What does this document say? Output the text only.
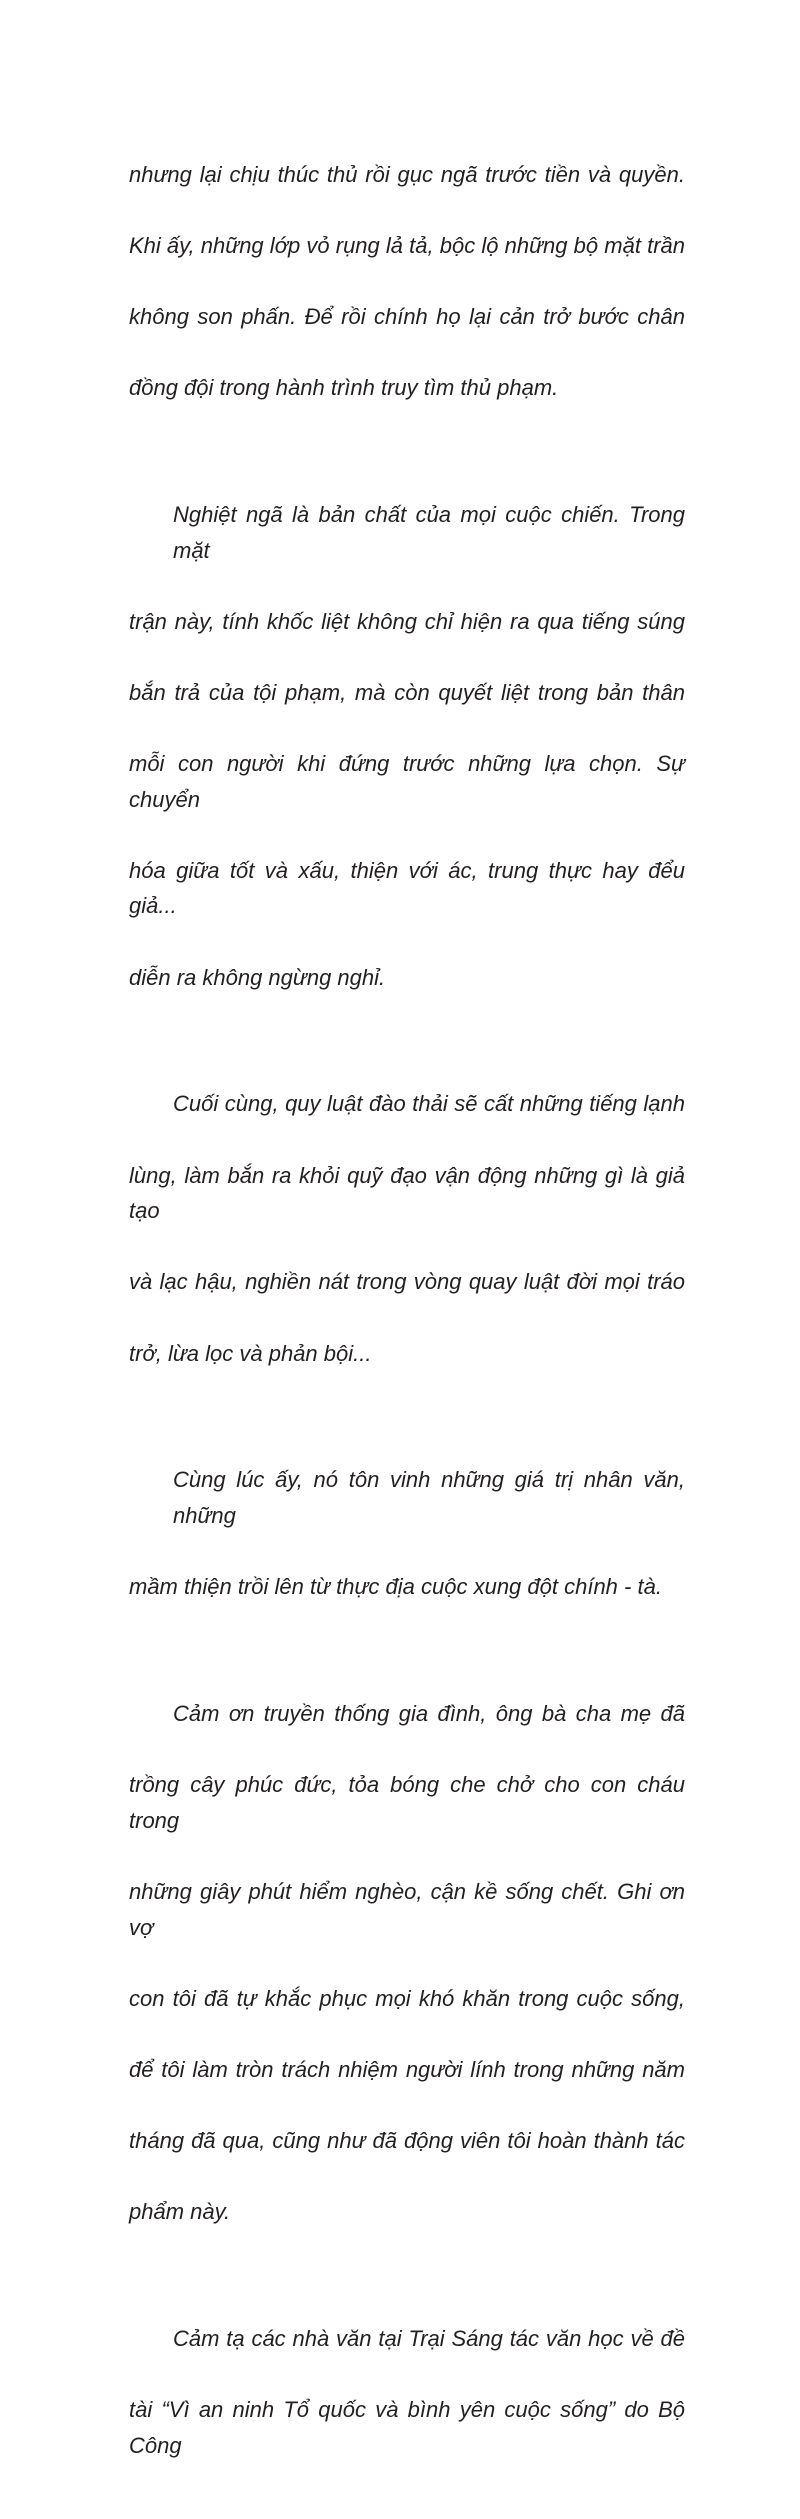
nhưng lại chịu thúc thủ rồi gục ngã trước tiền và quyền.

Khi ấy, những lớp vỏ rụng lả tả, bộc lộ những bộ mặt trần

không son phấn. Để rồi chính họ lại cản trở bước chân

đồng đội trong hành trình truy tìm thủ phạm.

Nghiệt ngã là bản chất của mọi cuộc chiến. Trong mặt

trận này, tính khốc liệt không chỉ hiện ra qua tiếng súng

bắn trả của tội phạm, mà còn quyết liệt trong bản thân

mỗi con người khi đứng trước những lựa chọn. Sự chuyển

hóa giữa tốt và xấu, thiện với ác, trung thực hay đểu giả...

diễn ra không ngừng nghỉ.

Cuối cùng, quy luật đào thải sẽ cất những tiếng lạnh

lùng, làm bắn ra khỏi quỹ đạo vận động những gì là giả tạo

và lạc hậu, nghiền nát trong vòng quay luật đời mọi tráo

trở, lừa lọc và phản bội...

Cùng lúc ấy, nó tôn vinh những giá trị nhân văn, những

mầm thiện trồi lên từ thực địa cuộc xung đột chính - tà.

Cảm ơn truyền thống gia đình, ông bà cha mẹ đã

trồng cây phúc đức, tỏa bóng che chở cho con cháu trong

những giây phút hiểm nghèo, cận kề sống chết. Ghi ơn vợ

con tôi đã tự khắc phục mọi khó khăn trong cuộc sống,

để tôi làm tròn trách nhiệm người lính trong những năm

tháng đã qua, cũng như đã động viên tôi hoàn thành tác

phẩm này.

Cảm tạ các nhà văn tại Trại Sáng tác văn học về đề

tài “Vì an ninh Tổ quốc và bình yên cuộc sống” do Bộ Công
